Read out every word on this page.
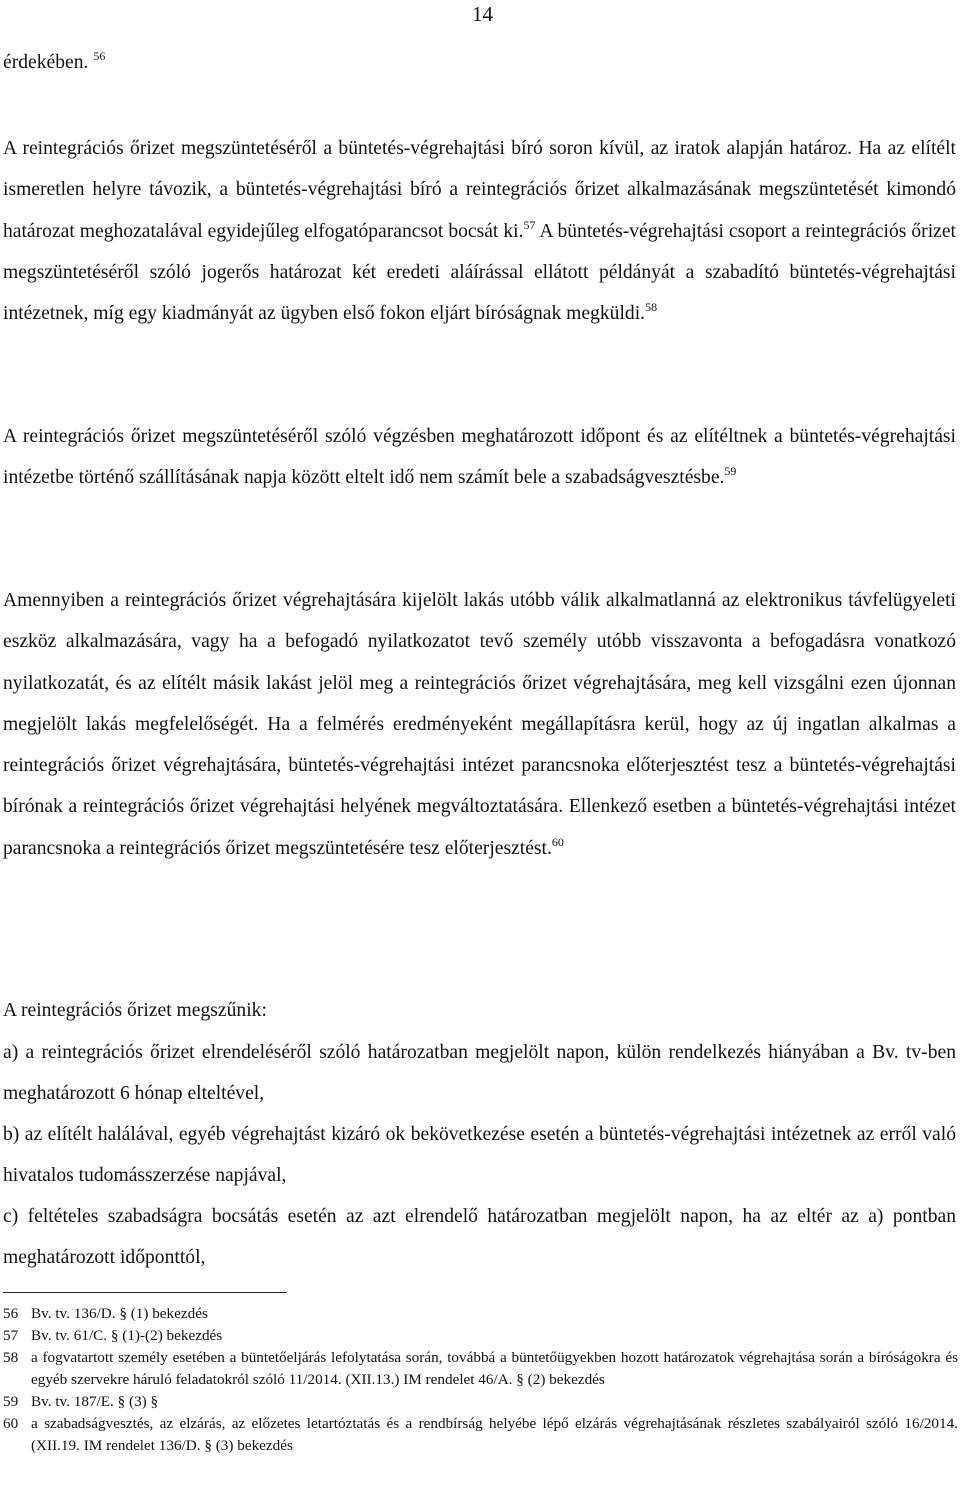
14

érdekében. $^{56}$

A reintegrációs őrizet megszüntetéséről a büntetés-végrehajtási bíró soron kívül, az iratok alapján határoz. Ha az elítélt ismeretlen helyre távozik, a büntetés-végrehajtási bíró a reintegrációs őrizet alkalmazásának megszüntetését kimondó határozat meghozatalával egyidejűleg elfogatóparancsot bocsát ki.$^{57}$ A büntetés-végrehajtási csoport a reintegrációs őrizet megszüntetéséről szóló jogerős határozat két eredeti aláírással ellátott példányát a szabadító büntetés-végrehajtási intézetnek, míg egy kiadmányát az ügyben első fokon eljárt bíróságnak megküldi.$^{58}$

A reintegrációs őrizet megszüntetéséről szóló végzésben meghatározott időpont és az elítéltnek a büntetés-végrehajtási intézetbe történő szállításának napja között eltelt idő nem számít bele a szabadságvesztésbe.$^{59}$

Amennyiben a reintegrációs őrizet végrehajtására kijelölt lakás utóbb válik alkalmatlanná az elektronikus távfelügyeleti eszköz alkalmazására, vagy ha a befogadó nyilatkozatot tevő személy utóbb visszavonta a befogadásra vonatkozó nyilatkozatát, és az elítélt másik lakást jelöl meg a reintegrációs őrizet végrehajtására, meg kell vizsgálni ezen újonnan megjelölt lakás megfelelőségét. Ha a felmérés eredményeként megállapításra kerül, hogy az új ingatlan alkalmas a reintegrációs őrizet végrehajtására, büntetés-végrehajtási intézet parancsnoka előterjesztést tesz a büntetés-végrehajtási bírónak a reintegrációs őrizet végrehajtási helyének megváltoztatására. Ellenkező esetben a büntetés-végrehajtási intézet parancsnoka a reintegrációs őrizet megszüntetésére tesz előterjesztést.$^{60}$

A reintegrációs őrizet megszűnik:

a) a reintegrációs őrizet elrendeléséről szóló határozatban megjelölt napon, külön rendelkezés hiányában a Bv. tv-ben meghatározott 6 hónap elteltével,

b) az elítélt halálával, egyéb végrehajtást kizáró ok bekövetkezése esetén a büntetés-végrehajtási intézetnek az erről való hivatalos tudomásszerzése napjával,

c) feltételes szabadságra bocsátás esetén az azt elrendelő határozatban megjelölt napon, ha az eltér az a) pontban meghatározott időponttól,

56 Bv. tv. 136/D. § (1) bekezdés
57 Bv. tv. 61/C. § (1)-(2) bekezdés
58 a fogvatartott személy esetében a büntetőeljárás lefolytatása során, továbbá a büntetőügyekben hozott határozatok végrehajtása során a bíróságokra és egyéb szervekre háruló feladatokról szóló 11/2014. (XII.13.) IM rendelet 46/A. § (2) bekezdés
59 Bv. tv. 187/E. § (3) §
60 a szabadságvesztés, az elzárás, az előzetes letartóztatás és a rendbírság helyébe lépő elzárás végrehajtásának részletes szabályairól szóló 16/2014. (XII.19. IM rendelet 136/D. § (3) bekezdés
